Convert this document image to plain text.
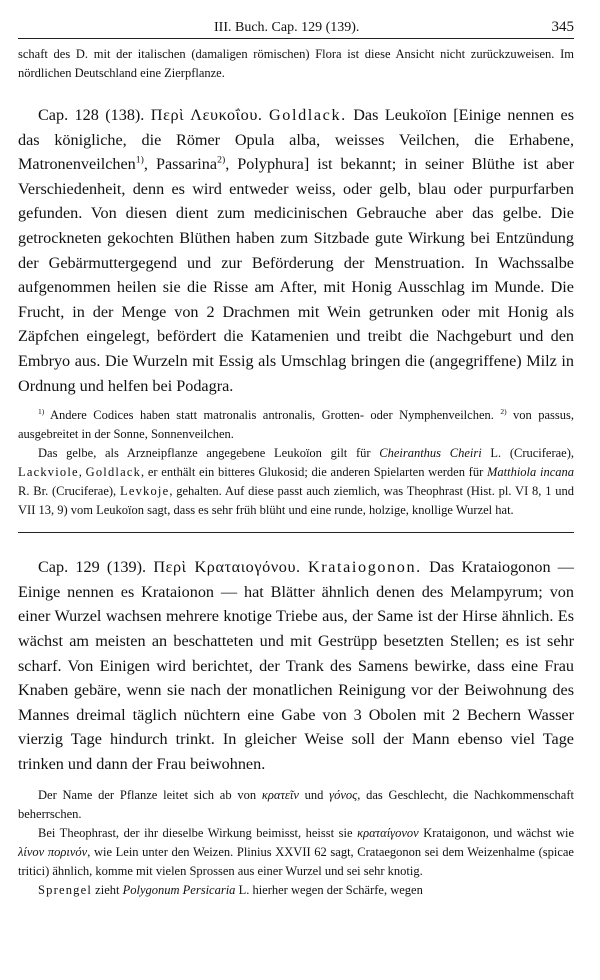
III. Buch. Cap. 129 (139).	345

schaft des D. mit der italischen (damaligen römischen) Flora ist diese Ansicht nicht zurückzuweisen. Im nördlichen Deutschland eine Zierpflanze.

Cap. 128 (138). Περὶ Λευκοΐου. Goldlack. Das Leukoïon [Einige nennen es das königliche, die Römer Opula alba, weisses Veilchen, die Erhabene, Matronenveilchen$^{1)}$, Passarina$^{2)}$, Polyphura] ist bekannt; in seiner Blüthe ist aber Verschiedenheit, denn es wird entweder weiss, oder gelb, blau oder purpurfarben gefunden. Von diesen dient zum medicinischen Gebrauche aber das gelbe. Die getrockneten gekochten Blüthen haben zum Sitzbade gute Wirkung bei Entzündung der Gebärmuttergegend und zur Beförderung der Menstruation. In Wachssalbe aufgenommen heilen sie die Risse am After, mit Honig Ausschlag im Munde. Die Frucht, in der Menge von 2 Drachmen mit Wein getrunken oder mit Honig als Zäpfchen eingelegt, befördert die Katamenien und treibt die Nachgeburt und den Embryo aus. Die Wurzeln mit Essig als Umschlag bringen die (angegriffene) Milz in Ordnung und helfen bei Podagra.

$^{1)}$ Andere Codices haben statt matronalis antronalis, Grotten- oder Nymphenveilchen. $^{2)}$ von passus, ausgebreitet in der Sonne, Sonnenveilchen.

Das gelbe, als Arzneipflanze angegebene Leukoïon gilt für Cheiranthus Cheiri L. (Cruciferae), Lackviole, Goldlack, er enthält ein bitteres Glukosid; die anderen Spielarten werden für Matthiola incana R. Br. (Cruciferae), Levkoje, gehalten. Auf diese passt auch ziemlich, was Theophrast (Hist. pl. VI 8, 1 und VII 13, 9) vom Leukoïon sagt, dass es sehr früh blüht und eine runde, holzige, knollige Wurzel hat.

Cap. 129 (139). Περὶ Κραταιογόνου. Krataiogonon. Das Krataiogonon — Einige nennen es Krataionon — hat Blätter ähnlich denen des Melampyrum; von einer Wurzel wachsen mehrere knotige Triebe aus, der Same ist der Hirse ähnlich. Es wächst am meisten an beschatteten und mit Gestrüpp besetzten Stellen; es ist sehr scharf. Von Einigen wird berichtet, der Trank des Samens bewirke, dass eine Frau Knaben gebäre, wenn sie nach der monatlichen Reinigung vor der Beiwohnung des Mannes dreimal täglich nüchtern eine Gabe von 3 Obolen mit 2 Bechern Wasser vierzig Tage hindurch trinkt. In gleicher Weise soll der Mann ebenso viel Tage trinken und dann der Frau beiwohnen.

Der Name der Pflanze leitet sich ab von κρατεῖν und γόνος, das Geschlecht, die Nachkommenschaft beherrschen.

Bei Theophrast, der ihr dieselbe Wirkung beimisst, heisst sie κραταίγονον Krataigonon, und wächst wie λίνον πορινόν, wie Lein unter den Weizen. Plinius XXVII 62 sagt, Crataegonon sei dem Weizenhalme (spicae tritici) ähnlich, komme mit vielen Sprossen aus einer Wurzel und sei sehr knotig.

Sprengel zieht Polygonum Persicaria L. hierher wegen der Schärfe, wegen
